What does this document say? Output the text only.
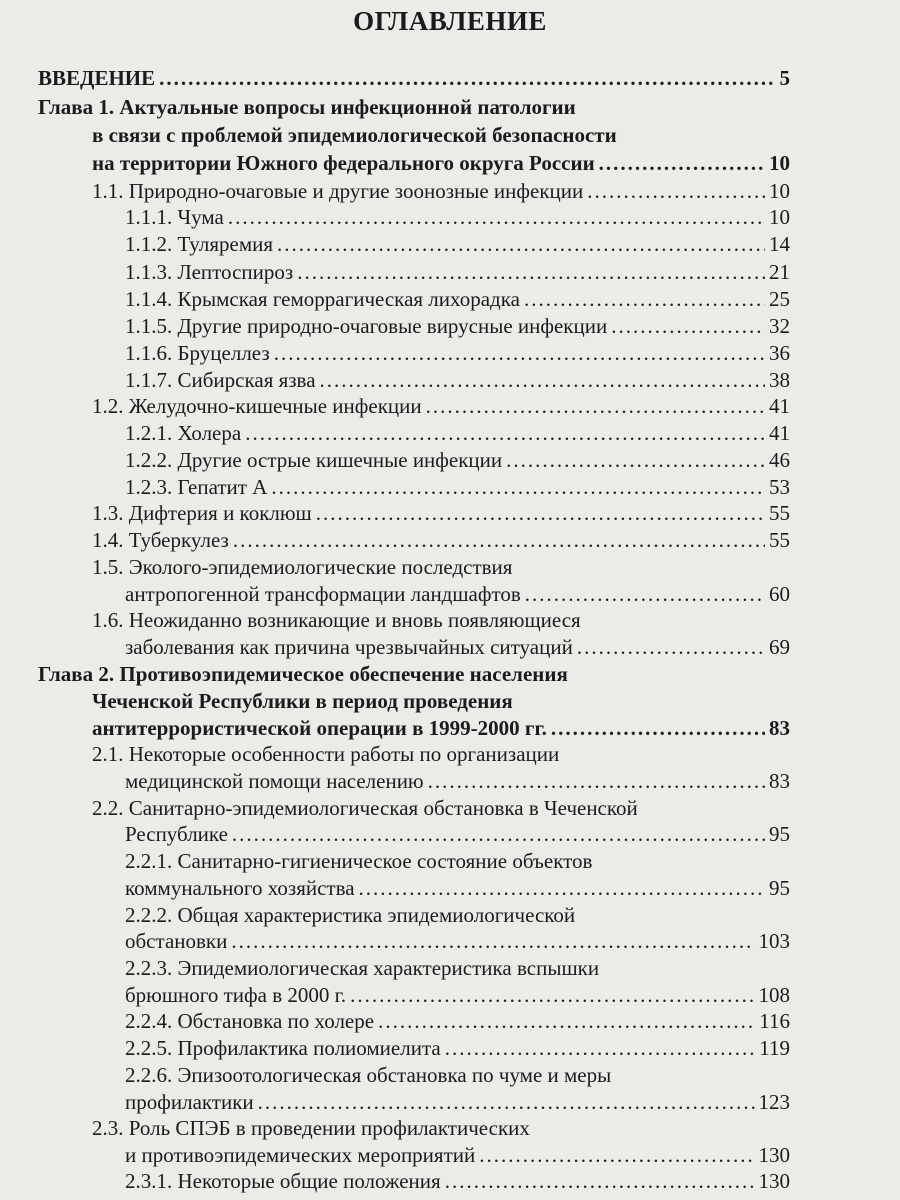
ОГЛАВЛЕНИЕ
ВВЕДЕНИЕ .....	5
Глава 1. Актуальные вопросы инфекционной патологии
в связи с проблемой эпидемиологической безопасности
на территории Южного федерального округа России .....	10
1.1. Природно-очаговые и другие зоонозные инфекции .....	10
1.1.1. Чума .....	10
1.1.2. Туляремия .....	14
1.1.3. Лептоспироз .....	21
1.1.4. Крымская геморрагическая лихорадка .....	25
1.1.5. Другие природно-очаговые вирусные инфекции .....	32
1.1.6. Бруцеллез .....	36
1.1.7. Сибирская язва .....	38
1.2. Желудочно-кишечные инфекции .....	41
1.2.1. Холера .....	41
1.2.2. Другие острые кишечные инфекции .....	46
1.2.3. Гепатит А .....	53
1.3. Дифтерия и коклюш .....	55
1.4. Туберкулез .....	55
1.5. Эколого-эпидемиологические последствия
антропогенной трансформации ландшафтов .....	60
1.6. Неожиданно возникающие и вновь появляющиеся
заболевания как причина чрезвычайных ситуаций .....	69
Глава 2. Противоэпидемическое обеспечение населения
Чеченской Республики в период проведения
антитеррористической операции в 1999-2000 гг. .....	83
2.1. Некоторые особенности работы по организации
медицинской помощи населению .....	83
2.2. Санитарно-эпидемиологическая обстановка в Чеченской
Республике .....	95
2.2.1. Санитарно-гигиеническое состояние объектов
коммунального хозяйства .....	95
2.2.2. Общая характеристика эпидемиологической
обстановки .....	103
2.2.3. Эпидемиологическая характеристика вспышки
брюшного тифа в 2000 г. .....	108
2.2.4. Обстановка по холере .....	116
2.2.5. Профилактика полиомиелита .....	119
2.2.6. Эпизоотологическая обстановка по чуме и меры
профилактики .....	123
2.3. Роль СПЭБ в проведении профилактических
и противоэпидемических мероприятий .....	130
2.3.1. Некоторые общие положения .....	130
